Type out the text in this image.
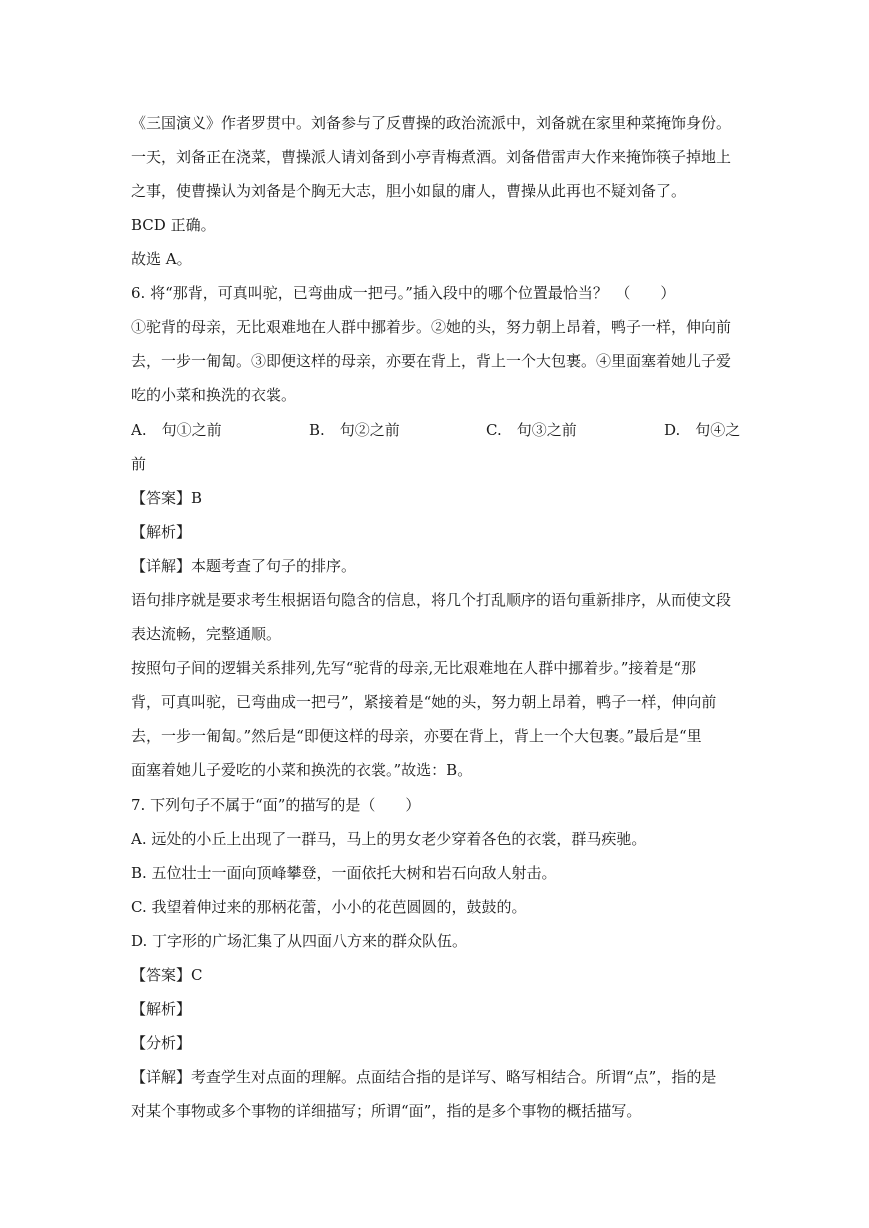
《三国演义》作者罗贯中。刘备参与了反曹操的政治流派中，刘备就在家里种菜掩饰身份。
一天，刘备正在浇菜，曹操派人请刘备到小亭青梅煮酒。刘备借雷声大作来掩饰筷子掉地上
之事，使曹操认为刘备是个胸无大志，胆小如鼠的庸人，曹操从此再也不疑刘备了。
BCD 正确。
故选 A。
6. 将“那背，可真叫驼，已弯曲成一把弓。”插入段中的哪个位置最恰当？　（　　）
①驼背的母亲，无比艰难地在人群中挪着步。②她的头，努力朝上昂着，鸭子一样，伸向前
去，一步一匍匐。③即便这样的母亲，亦要在背上，背上一个大包裹。④里面塞着她儿子爱
吃的小菜和换洗的衣裳。
A.　句①之前	B.　句②之前	C.　句③之前	D.　句④之
前
【答案】B
【解析】
【详解】本题考查了句子的排序。
语句排序就是要求考生根据语句隐含的信息，将几个打乱顺序的语句重新排序，从而使文段
表达流畅，完整通顺。
按照句子间的逻辑关系排列,先写“驼背的母亲,无比艰难地在人群中挪着步。”接着是“那
背，可真叫驼，已弯曲成一把弓”，紧接着是“她的头，努力朝上昂着，鸭子一样，伸向前
去，一步一匍匐。”然后是“即便这样的母亲，亦要在背上，背上一个大包裹。”最后是“里
面塞着她儿子爱吃的小菜和换洗的衣裳。”故选：B。
7. 下列句子不属于“面”的描写的是（　　）
A. 远处的小丘上出现了一群马，马上的男女老少穿着各色的衣裳，群马疾驰。
B. 五位壮士一面向顶峰攀登，一面依托大树和岩石向敌人射击。
C. 我望着伸过来的那柄花蕾，小小的花芭圆圆的，鼓鼓的。
D. 丁字形的广场汇集了从四面八方来的群众队伍。
【答案】C
【解析】
【分析】
【详解】考查学生对点面的理解。点面结合指的是详写、略写相结合。所谓“点”，指的是
对某个事物或多个事物的详细描写；所谓“面”，指的是多个事物的概括描写。
